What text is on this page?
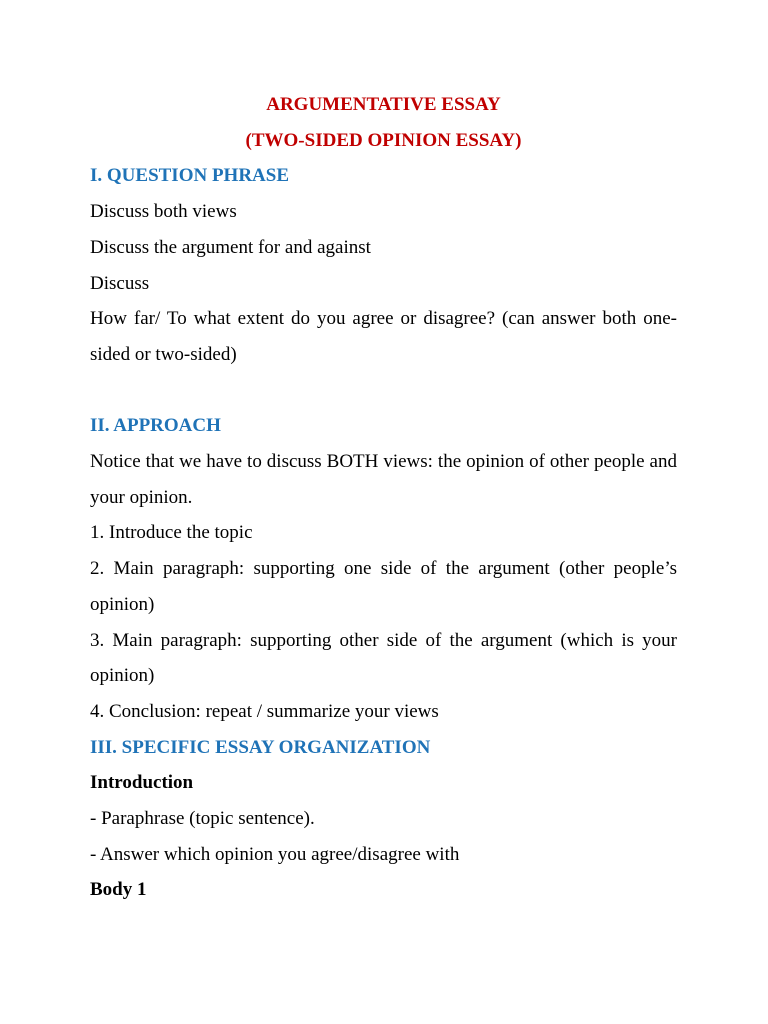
ARGUMENTATIVE ESSAY

(TWO-SIDED OPINION ESSAY)

I. QUESTION PHRASE

Discuss both views

Discuss the argument for and against

Discuss

How far/ To what extent do you agree or disagree? (can answer both one-sided or two-sided)

II. APPROACH

Notice that we have to discuss BOTH views: the opinion of other people and your opinion.

1. Introduce the topic

2. Main paragraph: supporting one side of the argument (other people’s opinion)

3. Main paragraph: supporting other side of the argument (which is your opinion)

4. Conclusion: repeat / summarize your views

III. SPECIFIC ESSAY ORGANIZATION

Introduction

- Paraphrase (topic sentence).

- Answer which opinion you agree/disagree with

Body 1
